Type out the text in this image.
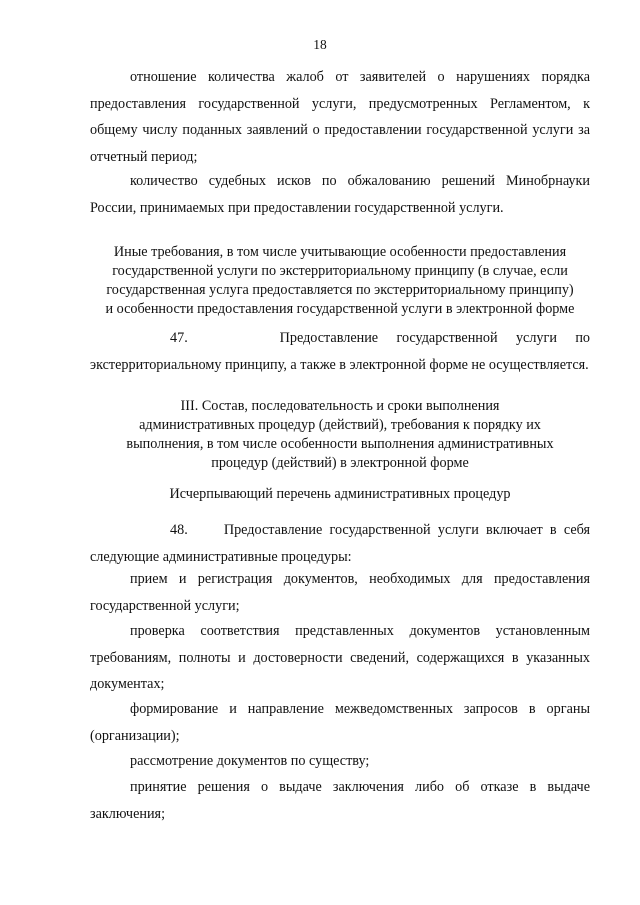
18

отношение количества жалоб от заявителей о нарушениях порядка предоставления государственной услуги, предусмотренных Регламентом, к общему числу поданных заявлений о предоставлении государственной услуги за отчетный период;

количество судебных исков по обжалованию решений Минобрнауки России, принимаемых при предоставлении государственной услуги.

Иные требования, в том числе учитывающие особенности предоставления
государственной услуги по экстерриториальному принципу (в случае, если
государственная услуга предоставляется по экстерриториальному принципу)
и особенности предоставления государственной услуги в электронной форме

47.	Предоставление государственной услуги по экстерриториальному принципу, а также в электронной форме не осуществляется.

III. Состав, последовательность и сроки выполнения
административных процедур (действий), требования к порядку их
выполнения, в том числе особенности выполнения административных
процедур (действий) в электронной форме
Исчерпывающий перечень административных процедур

48.	Предоставление государственной услуги включает в себя следующие административные процедуры:

прием и регистрация документов, необходимых для предоставления государственной услуги;

проверка соответствия представленных документов установленным требованиям, полноты и достоверности сведений, содержащихся в указанных документах;

формирование и направление межведомственных запросов в органы (организации);

рассмотрение документов по существу;

принятие решения о выдаче заключения либо об отказе в выдаче заключения;
